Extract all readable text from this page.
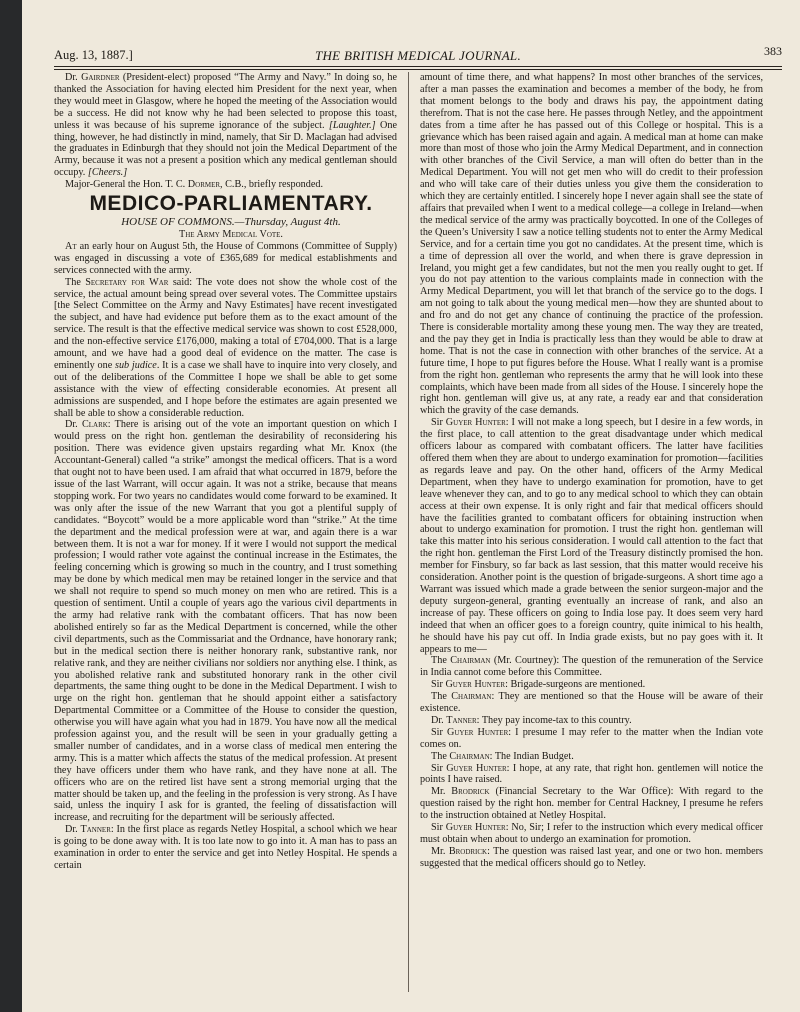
Aug. 13, 1887.]	THE BRITISH MEDICAL JOURNAL.	383

Dr. Gairdner (President-elect) proposed “The Army and Navy.” In doing so, he thanked the Association for having elected him President for the next year, when they would meet in Glasgow, where he hoped the meeting of the Association would be a success. He did not know why he had been selected to propose this toast, unless it was because of his supreme ignorance of the subject. [Laughter.] One thing, however, he had distinctly in mind, namely, that Sir D. Maclagan had advised the graduates in Edinburgh that they should not join the Medical Department of the Army, because it was not a present a position which any medical gentleman should occupy. [Cheers.]

Major-General the Hon. T. C. Dormer, C.B., briefly responded.

MEDICO-PARLIAMENTARY.

HOUSE OF COMMONS.—Thursday, August 4th.

The Army Medical Vote.

At an early hour on August 5th, the House of Commons (Committee of Supply) was engaged in discussing a vote of £365,689 for medical establishments and services connected with the army.

The Secretary for War said: The vote does not show the whole cost of the service, the actual amount being spread over several votes. The Committee upstairs [the Select Committee on the Army and Navy Estimates] have recent investigated the subject, and have had evidence put before them as to the exact amount of the service. The result is that the effective medical service was shown to cost £528,000, and the non-effective service £176,000, making a total of £704,000. That is a large amount, and we have had a good deal of evidence on the matter. The case is eminently one sub judice. It is a case we shall have to inquire into very closely, and out of the deliberations of the Committee I hope we shall be able to get some assistance with the view of effecting considerable economies. At present all admissions are suspended, and I hope before the estimates are again presented we shall be able to show a considerable reduction.

Dr. Clark: There is arising out of the vote an important question on which I would press on the right hon. gentleman the desirability of reconsidering his position. There was evidence given upstairs regarding what Mr. Knox (the Accountant-General) called “a strike” amongst the medical officers. That is a word that ought not to have been used. I am afraid that what occurred in 1879, before the issue of the last Warrant, will occur again. It was not a strike, because that means stopping work. For two years no candidates would come forward to be examined. It was only after the issue of the new Warrant that you got a plentiful supply of candidates. “Boycott” would be a more applicable word than “strike.” At the time the department and the medical profession were at war, and again there is a war between them. It is not a war for money. If it were I would not support the medical profession; I would rather vote against the continual increase in the Estimates, the feeling concerning which is growing so much in the country, and I trust something may be done by which medical men may be retained longer in the service and that we shall not require to spend so much money on men who are retired. This is a question of sentiment. Until a couple of years ago the various civil departments in the army had relative rank with the combatant officers. That has now been abolished entirely so far as the Medical Department is concerned, while the other civil departments, such as the Commissariat and the Ordnance, have honorary rank; but in the medical section there is neither honorary rank, substantive rank, nor relative rank, and they are neither civilians nor soldiers nor anything else. I think, as you abolished relative rank and substituted honorary rank in the other civil departments, the same thing ought to be done in the Medical Department. I wish to urge on the right hon. gentleman that he should appoint either a satisfactory Departmental Committee or a Committee of the House to consider the question, otherwise you will have again what you had in 1879. You have now all the medical profession against you, and the result will be seen in your gradually getting a smaller number of candidates, and in a worse class of medical men entering the army. This is a matter which affects the status of the medical profession. At present they have officers under them who have rank, and they have none at all. The officers who are on the retired list have sent a strong memorial urging that the matter should be taken up, and the feeling in the profession is very strong. As I have said, unless the inquiry I ask for is granted, the feeling of dissatisfaction will increase, and recruiting for the department will be seriously affected.

Dr. Tanner: In the first place as regards Netley Hospital, a school which we hear is going to be done away with. It is too late now to go into it. A man has to pass an examination in order to enter the service and get into Netley Hospital. He spends a certain

amount of time there, and what happens? In most other branches of the services, after a man passes the examination and becomes a member of the body, he from that moment belongs to the body and draws his pay, the appointment dating therefrom. That is not the case here. He passes through Netley, and the appointment dates from a time after he has passed out of this College or hospital. This is a grievance which has been raised again and again. A medical man at home can make more than most of those who join the Army Medical Department, and in connection with other branches of the Civil Service, a man will often do better than in the Medical Department. You will not get men who will do credit to their profession and who will take care of their duties unless you give them the consideration to which they are certainly entitled. I sincerely hope I never again shall see the state of affairs that prevailed when I went to a medical college—a college in Ireland—when the medical service of the army was practically boycotted. In one of the Colleges of the Queen’s University I saw a notice telling students not to enter the Army Medical Service, and for a certain time you got no candidates. At the present time, which is a time of depression all over the world, and when there is grave depression in Ireland, you might get a few candidates, but not the men you really ought to get. If you do not pay attention to the various complaints made in connection with the Army Medical Department, you will let that branch of the service go to the dogs. I am not going to talk about the young medical men—how they are shunted about to and fro and do not get any chance of continuing the practice of the profession. There is considerable mortality among these young men. The way they are treated, and the pay they get in India is practically less than they would be able to draw at home. That is not the case in connection with other branches of the service. At a future time, I hope to put figures before the House. What I really want is a promise from the right hon. gentleman who represents the army that he will look into these complaints, which have been made from all sides of the House. I sincerely hope the right hon. gentleman will give us, at any rate, a ready ear and that consideration which the gravity of the case demands.

Sir Guyer Hunter: I will not make a long speech, but I desire in a few words, in the first place, to call attention to the great disadvantage under which medical officers labour as compared with combatant officers. The latter have facilities offered them when they are about to undergo examination for promotion—facilities as regards leave and pay. On the other hand, officers of the Army Medical Department, when they have to undergo examination for promotion, have to get leave whenever they can, and to go to any medical school to which they can obtain access at their own expense. It is only right and fair that medical officers should have the facilities granted to combatant officers for obtaining instruction when about to undergo examination for promotion. I trust the right hon. gentleman will take this matter into his serious consideration. I would call attention to the fact that the right hon. gentleman the First Lord of the Treasury distinctly promised the hon. member for Finsbury, so far back as last session, that this matter would receive his consideration. Another point is the question of brigade-surgeons. A short time ago a Warrant was issued which made a grade between the senior surgeon-major and the deputy surgeon-general, granting eventually an increase of rank, and also an increase of pay. These officers on going to India lose pay. It does seem very hard indeed that when an officer goes to a foreign country, quite inimical to his health, he should have his pay cut off. In India grade exists, but no pay goes with it. It appears to me—

The Chairman (Mr. Courtney): The question of the remuneration of the Service in India cannot come before this Committee.

Sir Guyer Hunter: Brigade-surgeons are mentioned.

The Chairman: They are mentioned so that the House will be aware of their existence.

Dr. Tanner: They pay income-tax to this country.

Sir Guyer Hunter: I presume I may refer to the matter when the Indian vote comes on.

The Chairman: The Indian Budget.

Sir Guyer Hunter: I hope, at any rate, that right hon. gentlemen will notice the points I have raised.

Mr. Brodrick (Financial Secretary to the War Office): With regard to the question raised by the right hon. member for Central Hackney, I presume he refers to the instruction obtained at Netley Hospital.

Sir Guyer Hunter: No, Sir; I refer to the instruction which every medical officer must obtain when about to undergo an examination for promotion.

Mr. Brodrick: The question was raised last year, and one or two hon. members suggested that the medical officers should go to Netley.
